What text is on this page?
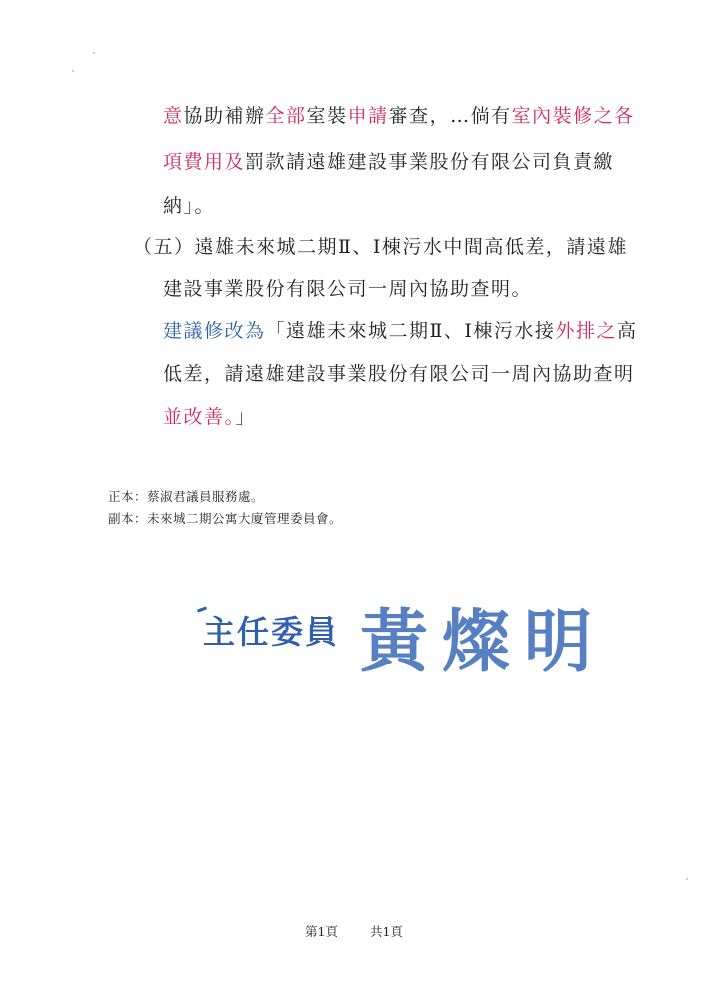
意協助補辦全部室裝申請審查，…倘有室內裝修之各
項費用及罰款請遠雄建設事業股份有限公司負責繳
納」。
（五）遠雄未來城二期Ⅱ、Ⅰ棟污水中間高低差，請遠雄
建設事業股份有限公司一周內協助查明。
建議修改為「遠雄未來城二期Ⅱ、Ⅰ棟污水接外排之高
低差，請遠雄建設事業股份有限公司一周內協助查明
並改善。」
正本：蔡淑君議員服務處。
副本：未來城二期公寓大廈管理委員會。
主任委員 黃燦明
第1頁	共1頁
